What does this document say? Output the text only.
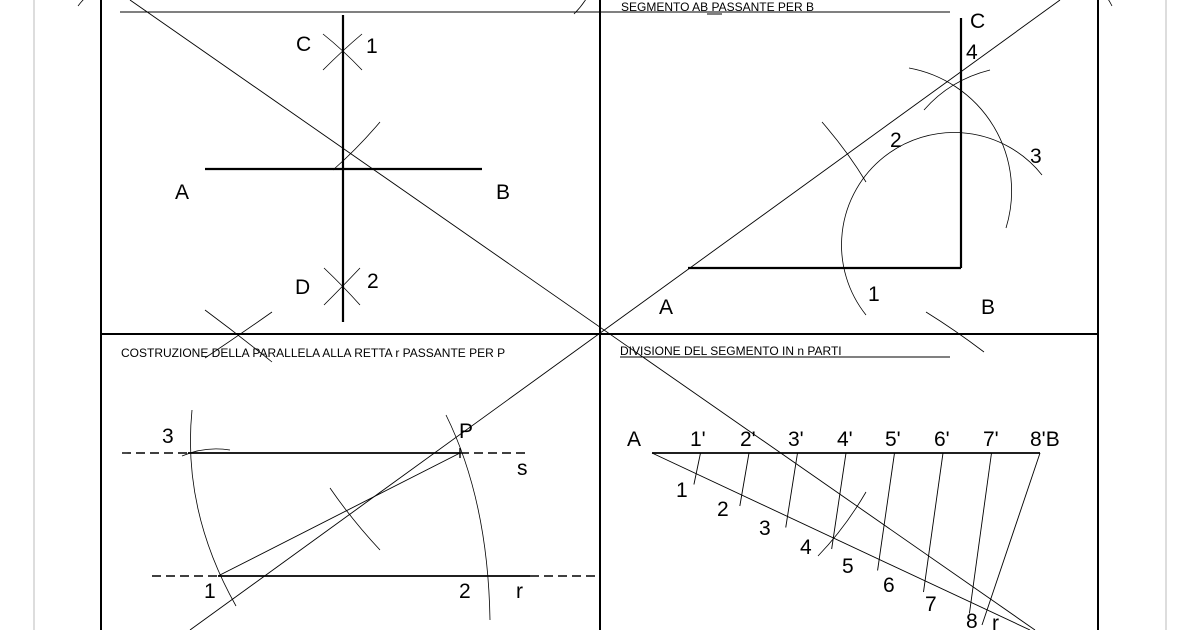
C	1
A	B
D	2
SEGMENTO AB PASSANTE PER B
C
4
2
3
1
A	B
COSTRUZIONE DELLA PARALLELA ALLA RETTA r PASSANTE PER P
3	P
s
1	2 r
DIVISIONE DEL SEGMENTO IN n PARTI
A 1' 2' 3' 4' 5' 6' 7' 8'B
1
2
3
4
5
6
7
8 r
